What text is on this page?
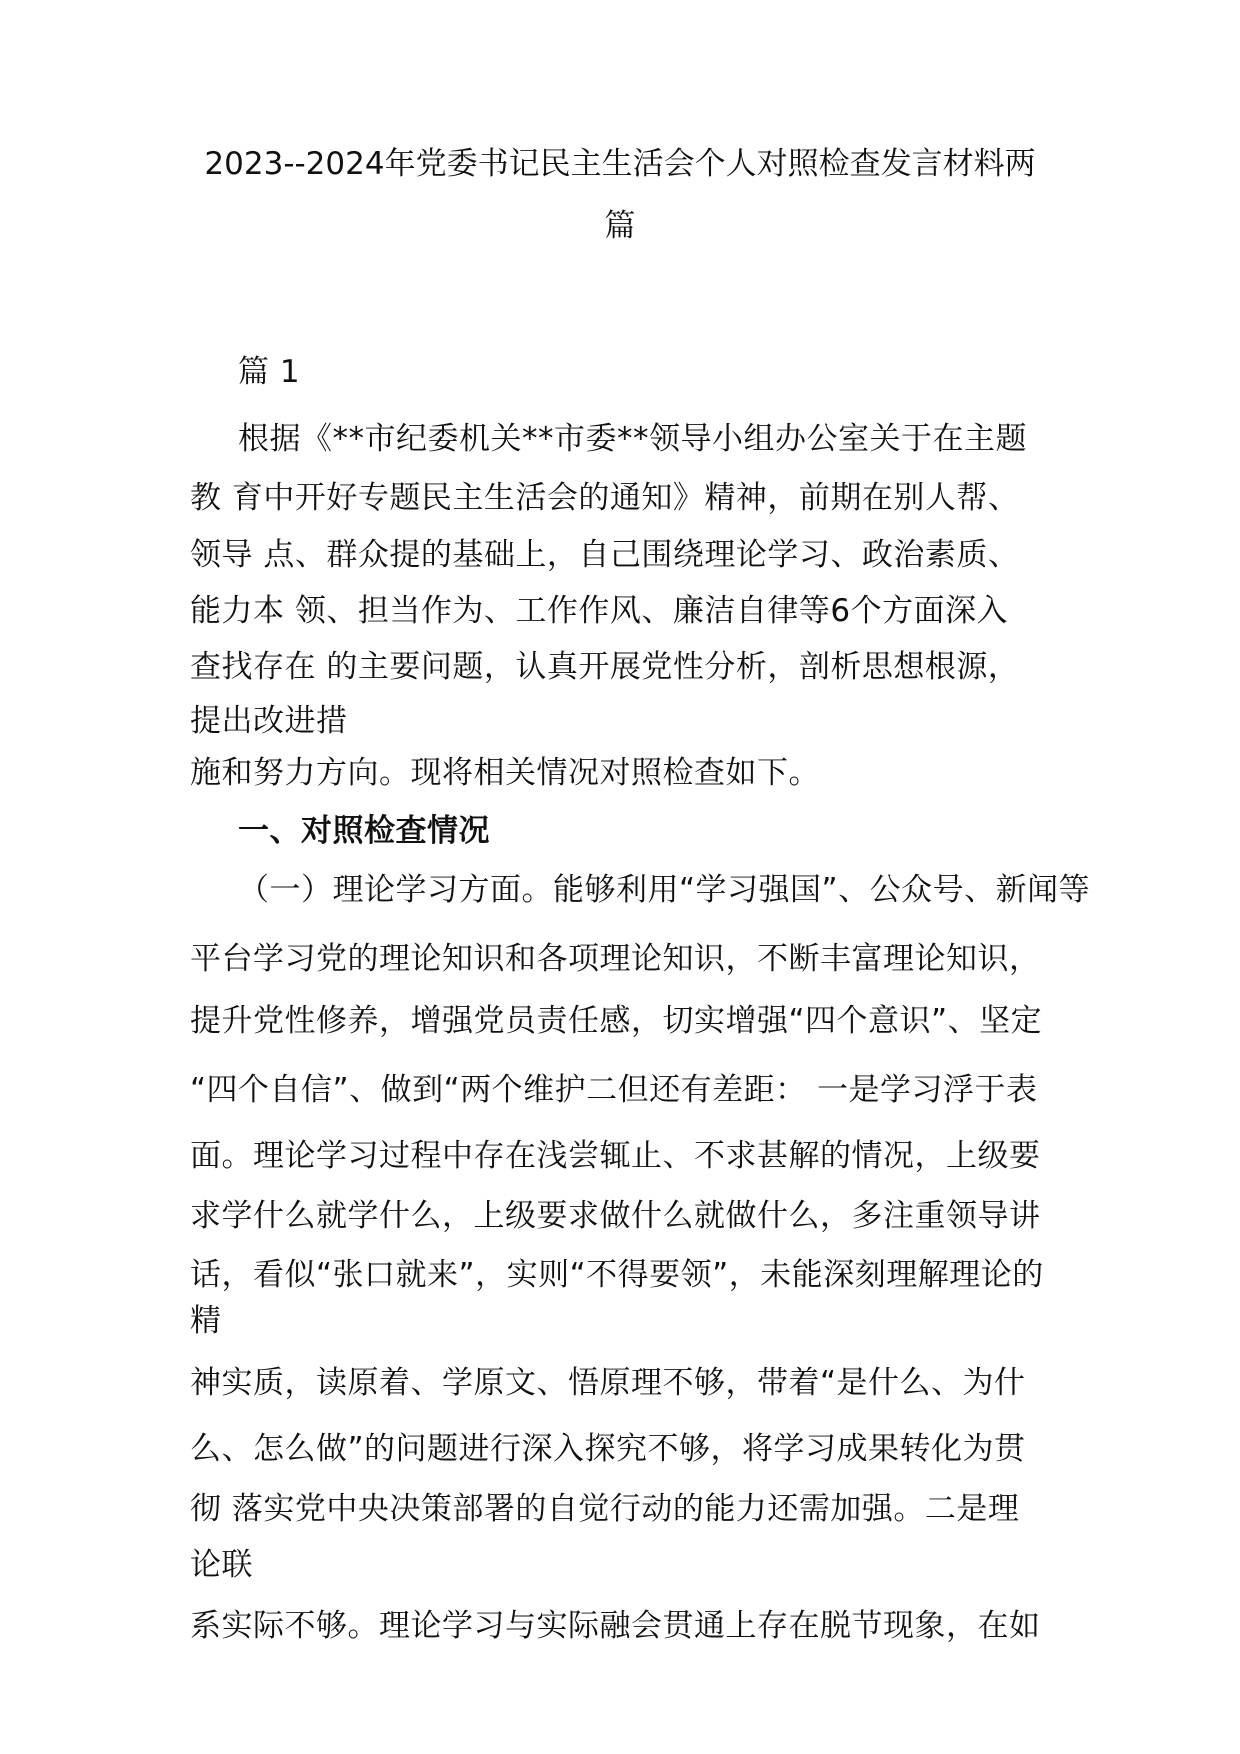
2023--2024年党委书记民主生活会个人对照检查发言材料两
篇
篇 1
根据《**市纪委机关**市委**领导小组办公室关于在主题
教 育中开好专题民主生活会的通知》精神，前期在别人帮、
领导 点、群众提的基础上，自己围绕理论学习、政治素质、
能力本 领、担当作为、工作作风、廉洁自律等6个方面深入
查找存在 的主要问题，认真开展党性分析，剖析思想根源，
提出改进措
施和努力方向。现将相关情况对照检查如下。
一、对照检查情况
（一）理论学习方面。能够利用“学习强国”、公众号、新闻等
平台学习党的理论知识和各项理论知识，不断丰富理论知识，
提升党性修养，增强党员责任感，切实增强“四个意识”、坚定
“四个自信”、做到“两个维护二但还有差距： 一是学习浮于表
面。理论学习过程中存在浅尝辄止、不求甚解的情况，上级要
求学什么就学什么，上级要求做什么就做什么，多注重领导讲
话，看似“张口就来”，实则“不得要领”，未能深刻理解理论的
精
神实质，读原着、学原文、悟原理不够，带着“是什么、为什
么、怎么做”的问题进行深入探究不够，将学习成果转化为贯
彻 落实党中央决策部署的自觉行动的能力还需加强。二是理
论联
系实际不够。理论学习与实际融会贯通上存在脱节现象，在如
